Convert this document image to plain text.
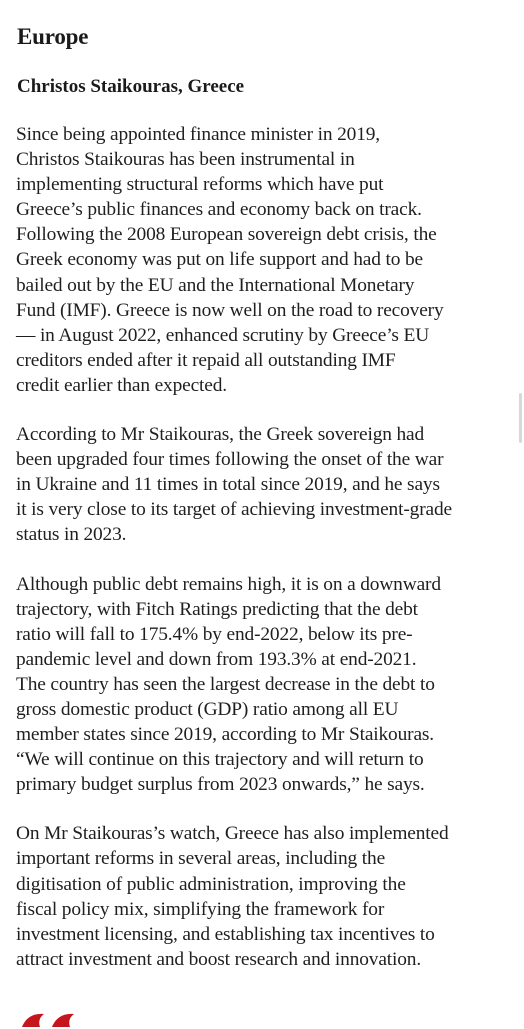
Europe
Christos Staikouras, Greece

Since being appointed finance minister in 2019,
Christos Staikouras has been instrumental in
implementing structural reforms which have put
Greece’s public finances and economy back on track.
Following the 2008 European sovereign debt crisis, the
Greek economy was put on life support and had to be
bailed out by the EU and the International Monetary
Fund (IMF). Greece is now well on the road to recovery
— in August 2022, enhanced scrutiny by Greece’s EU
creditors ended after it repaid all outstanding IMF
credit earlier than expected.

According to Mr Staikouras, the Greek sovereign had
been upgraded four times following the onset of the war
in Ukraine and 11 times in total since 2019, and he says
it is very close to its target of achieving investment-grade
status in 2023.

Although public debt remains high, it is on a downward
trajectory, with Fitch Ratings predicting that the debt
ratio will fall to 175.4% by end-2022, below its pre-
pandemic level and down from 193.3% at end-2021.
The country has seen the largest decrease in the debt to
gross domestic product (GDP) ratio among all EU
member states since 2019, according to Mr Staikouras.
“We will continue on this trajectory and will return to
primary budget surplus from 2023 onwards,” he says.

On Mr Staikouras’s watch, Greece has also implemented
important reforms in several areas, including the
digitisation of public administration, improving the
fiscal policy mix, simplifying the framework for
investment licensing, and establishing tax incentives to
attract investment and boost research and innovation.
